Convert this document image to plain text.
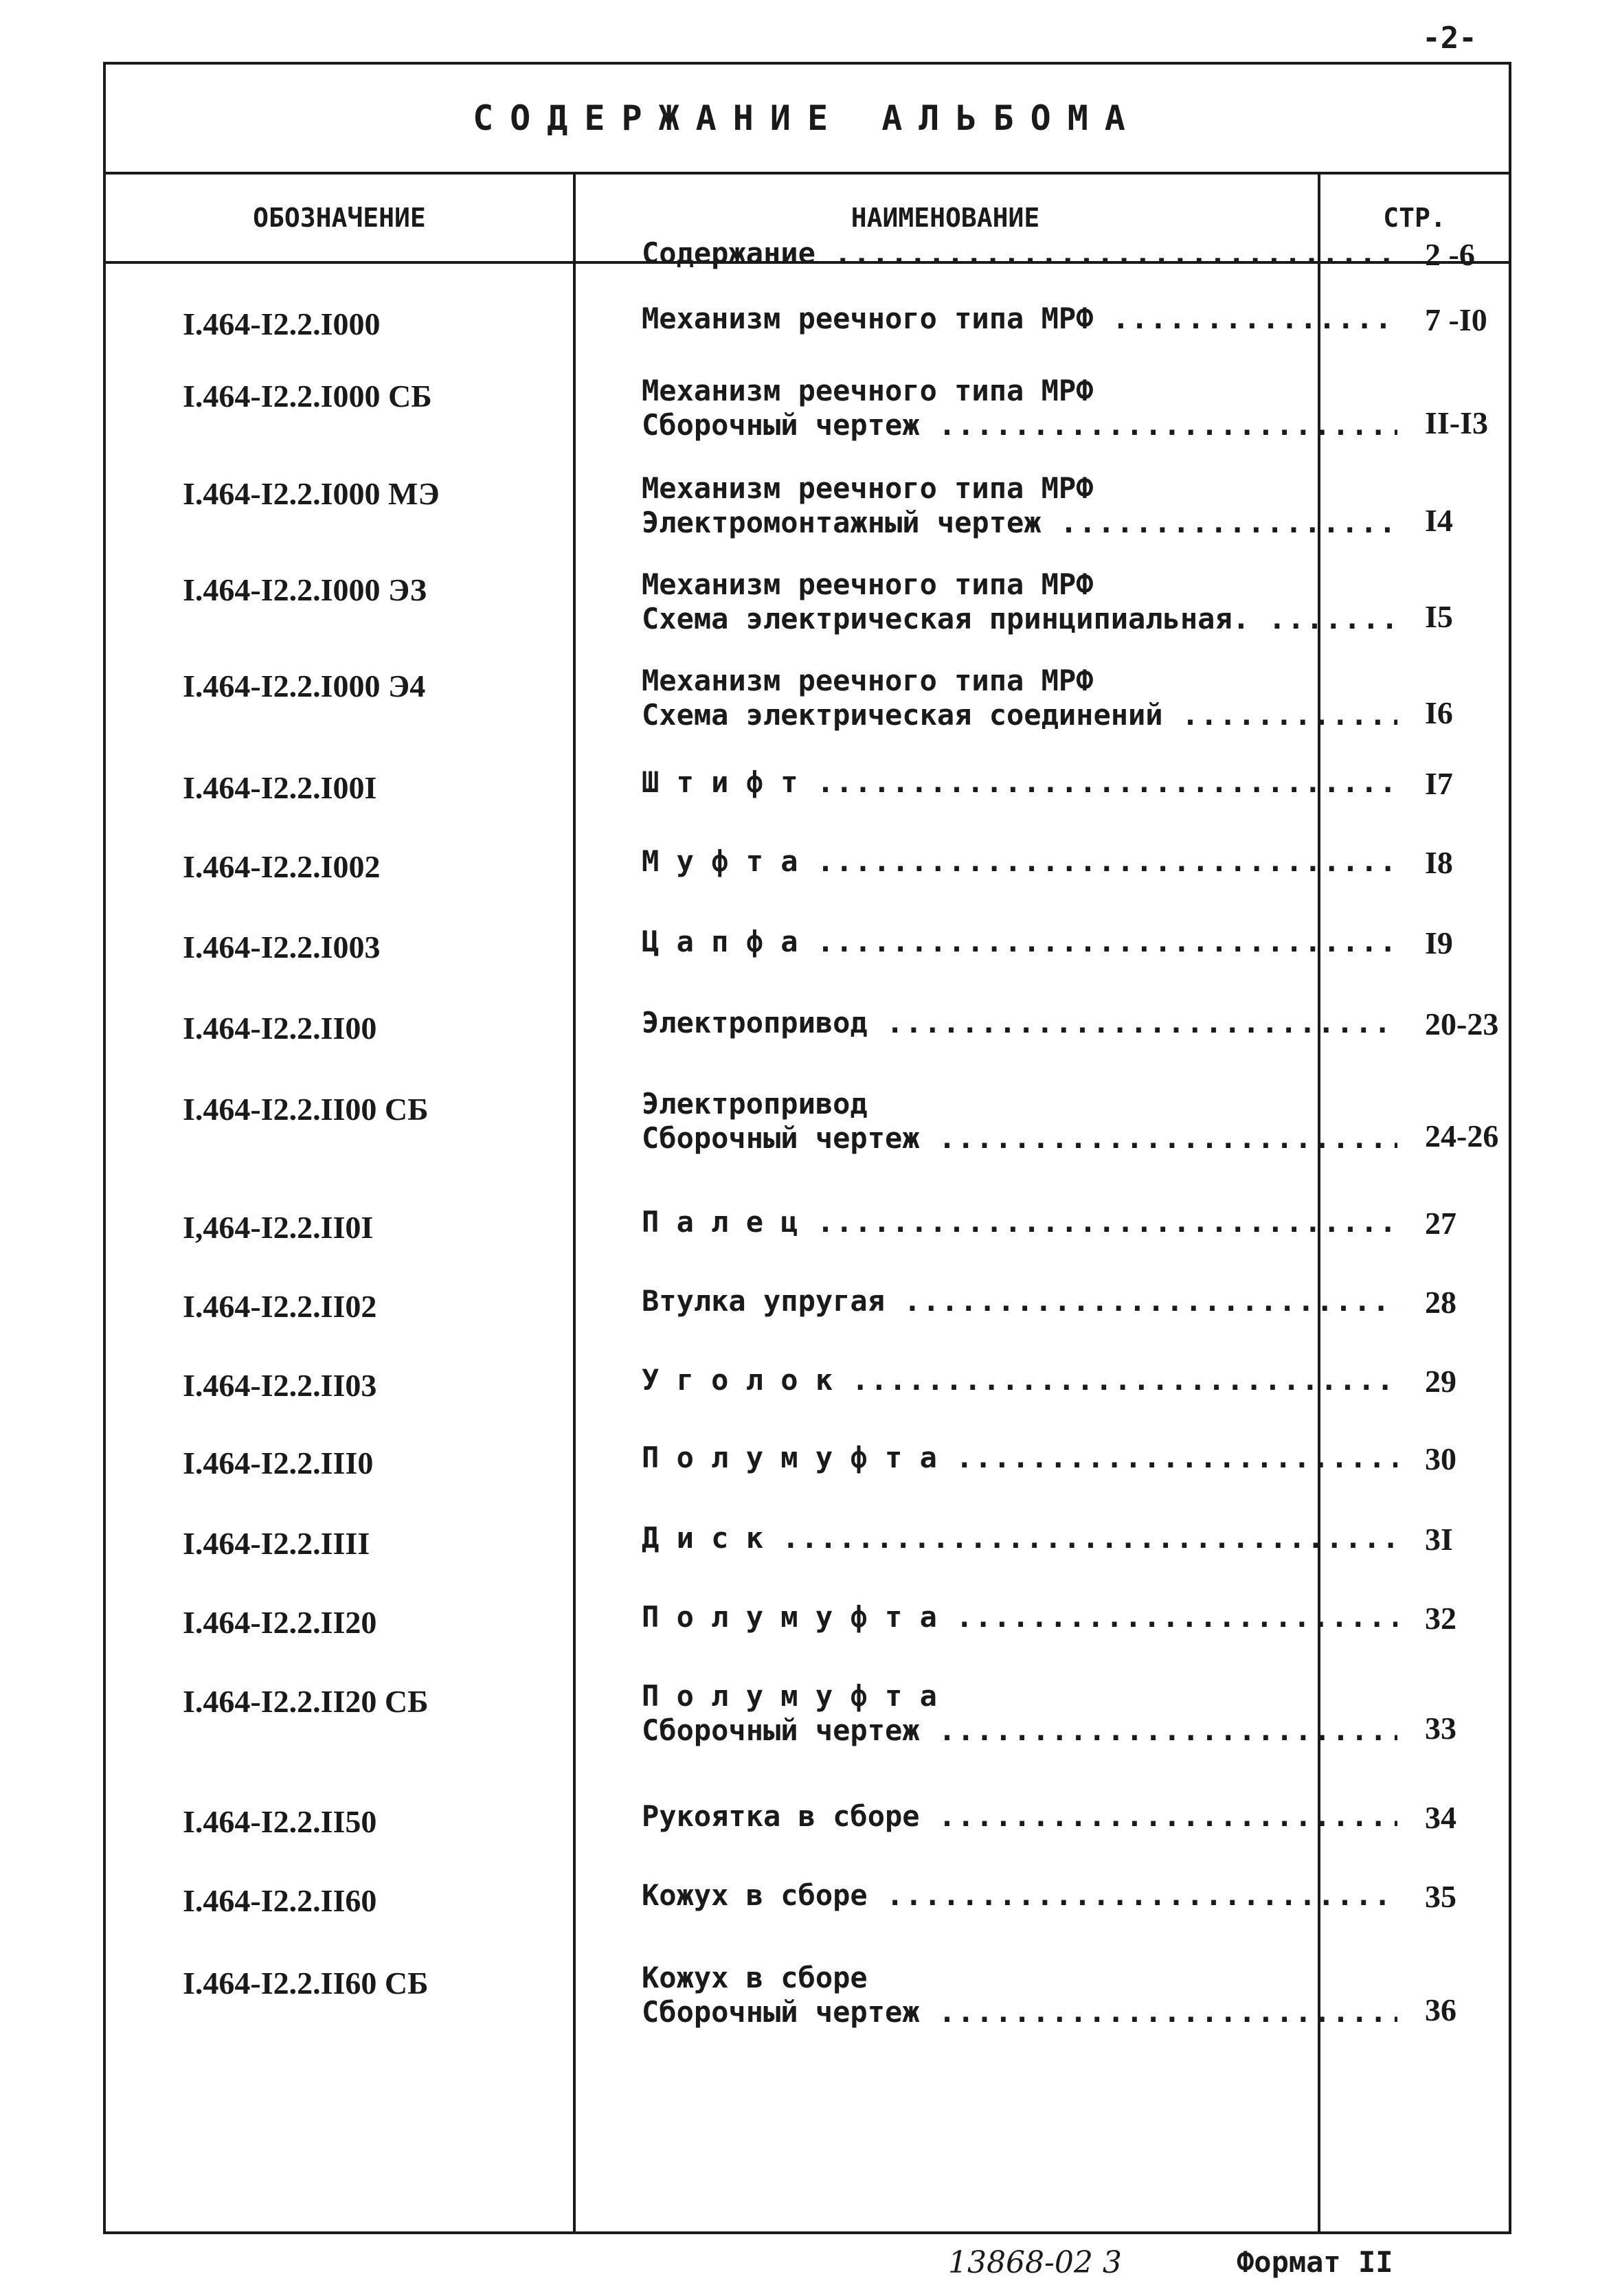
-2-
СОДЕРЖАНИЕ АЛЬБОМА
ОБОЗНАЧЕНИЕ	НАИМЕНОВАНИЕ	СТР.
Содержание .....	2 -6
I.464-I2.2.I000	Механизм реечного типа МРФ .....	7 -I0
I.464-I2.2.I000 СБ	Механизм реечного типа МРФ
Сборочный чертеж .....	II-I3
I.464-I2.2.I000 МЭ	Механизм реечного типа МРФ
Электромонтажный чертеж .....	I4
I.464-I2.2.I000 ЭЗ	Механизм реечного типа МРФ
Схема электрическая принципиальная. .....	I5
I.464-I2.2.I000 Э4	Механизм реечного типа МРФ
Схема электрическая соединений .....	I6
I.464-I2.2.I00I	Ш т и ф т .....	I7
I.464-I2.2.I002	М у ф т а .....	I8
I.464-I2.2.I003	Ц а п ф а .....	I9
I.464-I2.2.II00	Электропривод .....	20-23
I.464-I2.2.II00 СБ	Электропривод
Сборочный чертеж .....	24-26
I,464-I2.2.II0I	П а л е ц .....	27
I.464-I2.2.II02	Втулка упругая .....	28
I.464-I2.2.II03	У г о л о к .....	29
I.464-I2.2.III0	П о л у м у ф т а .....	30
I.464-I2.2.IIII	Д и с к .....	3I
I.464-I2.2.II20	П о л у м у ф т а .....	32
I.464-I2.2.II20 СБ	П о л у м у ф т а
Сборочный чертеж .....	33
I.464-I2.2.II50	Рукоятка в сборе .....	34
I.464-I2.2.II60	Кожух в сборе .....	35
I.464-I2.2.II60 СБ	Кожух в сборе
Сборочный чертеж .....	36
13868-02 3	Формат II
